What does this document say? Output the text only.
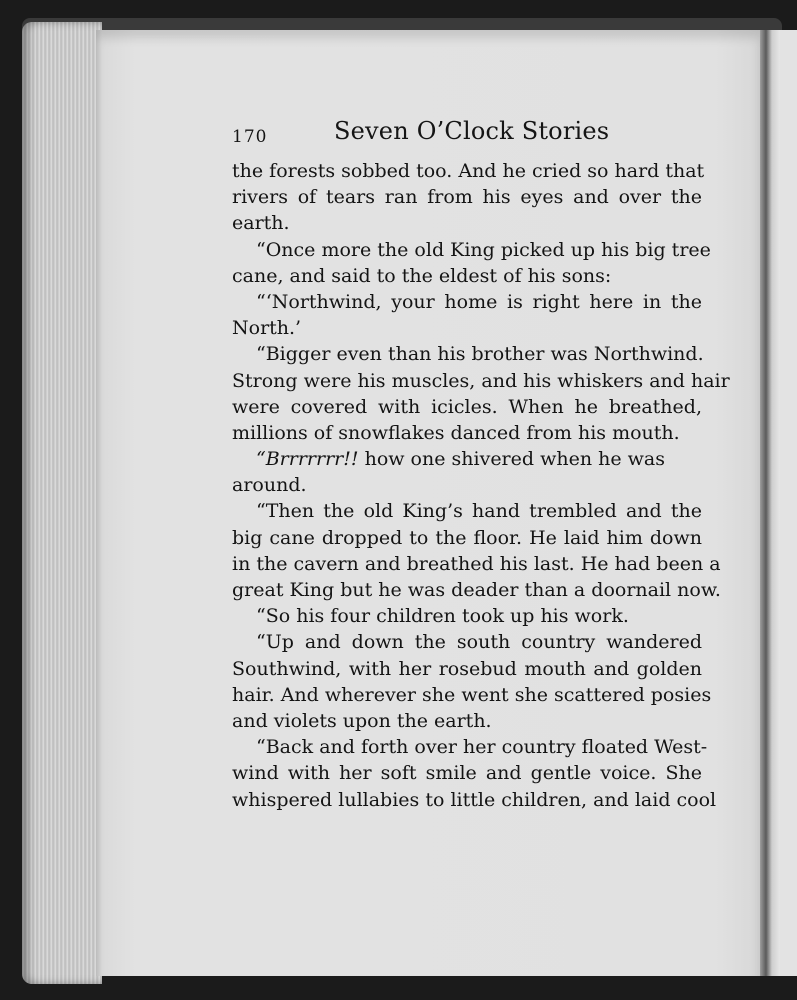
170	Seven O’Clock Stories
the forests sobbed too. And he cried so hard that
rivers of tears ran from his eyes and over the
earth.
“Once more the old King picked up his big tree
cane, and said to the eldest of his sons:
“‘Northwind, your home is right here in the
North.’
“Bigger even than his brother was Northwind.
Strong were his muscles, and his whiskers and hair
were covered with icicles. When he breathed,
millions of snowflakes danced from his mouth.
“Brrrrrrr!! how one shivered when he was
around.
“Then the old King’s hand trembled and the
big cane dropped to the floor. He laid him down
in the cavern and breathed his last. He had been a
great King but he was deader than a doornail now.
“So his four children took up his work.
“Up and down the south country wandered
Southwind, with her rosebud mouth and golden
hair. And wherever she went she scattered posies
and violets upon the earth.
“Back and forth over her country floated West-
wind with her soft smile and gentle voice. She
whispered lullabies to little children, and laid cool
